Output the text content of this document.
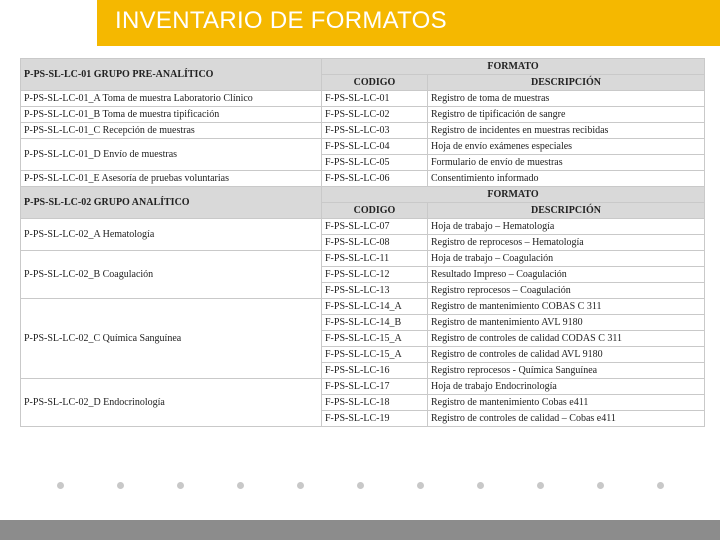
INVENTARIO DE FORMATOS
P-PS-SL-LC-01 GRUPO PRE-ANALÍTICO	FORMATO	
	CODIGO	DESCRIPCIÓN
P-PS-SL-LC-01_A Toma de muestra Laboratorio Clínico	F-PS-SL-LC-01	Registro de toma de muestras
P-PS-SL-LC-01_B Toma de muestra tipificación	F-PS-SL-LC-02	Registro de tipificación de sangre
P-PS-SL-LC-01_C Recepción de muestras	F-PS-SL-LC-03	Registro de incidentes en muestras recibidas
P-PS-SL-LC-01_D Envío de muestras	F-PS-SL-LC-04	Hoja de envío exámenes especiales
	F-PS-SL-LC-05	Formulario de envío de muestras
P-PS-SL-LC-01_E Asesoría de pruebas voluntarias	F-PS-SL-LC-06	Consentimiento informado
P-PS-SL-LC-02 GRUPO ANALÍTICO	FORMATO	
	CODIGO	DESCRIPCIÓN
P-PS-SL-LC-02_A Hematología	F-PS-SL-LC-07	Hoja de trabajo – Hematología
	F-PS-SL-LC-08	Registro de reprocesos – Hematología
P-PS-SL-LC-02_B Coagulación	F-PS-SL-LC-11	Hoja de trabajo – Coagulación
	F-PS-SL-LC-12	Resultado Impreso – Coagulación
	F-PS-SL-LC-13	Registro reprocesos – Coagulación
P-PS-SL-LC-02_C Química Sanguínea	F-PS-SL-LC-14_A	Registro de mantenimiento COBAS C 311
	F-PS-SL-LC-14_B	Registro de mantenimiento AVL 9180
	F-PS-SL-LC-15_A	Registro de controles de calidad CODAS C 311
	F-PS-SL-LC-15_A	Registro de controles de calidad AVL 9180
	F-PS-SL-LC-16	Registro reprocesos - Química Sanguínea
P-PS-SL-LC-02_D Endocrinología	F-PS-SL-LC-17	Hoja de trabajo Endocrinología
	F-PS-SL-LC-18	Registro de mantenimiento Cobas e411
	F-PS-SL-LC-19	Registro de controles de calidad – Cobas e411
